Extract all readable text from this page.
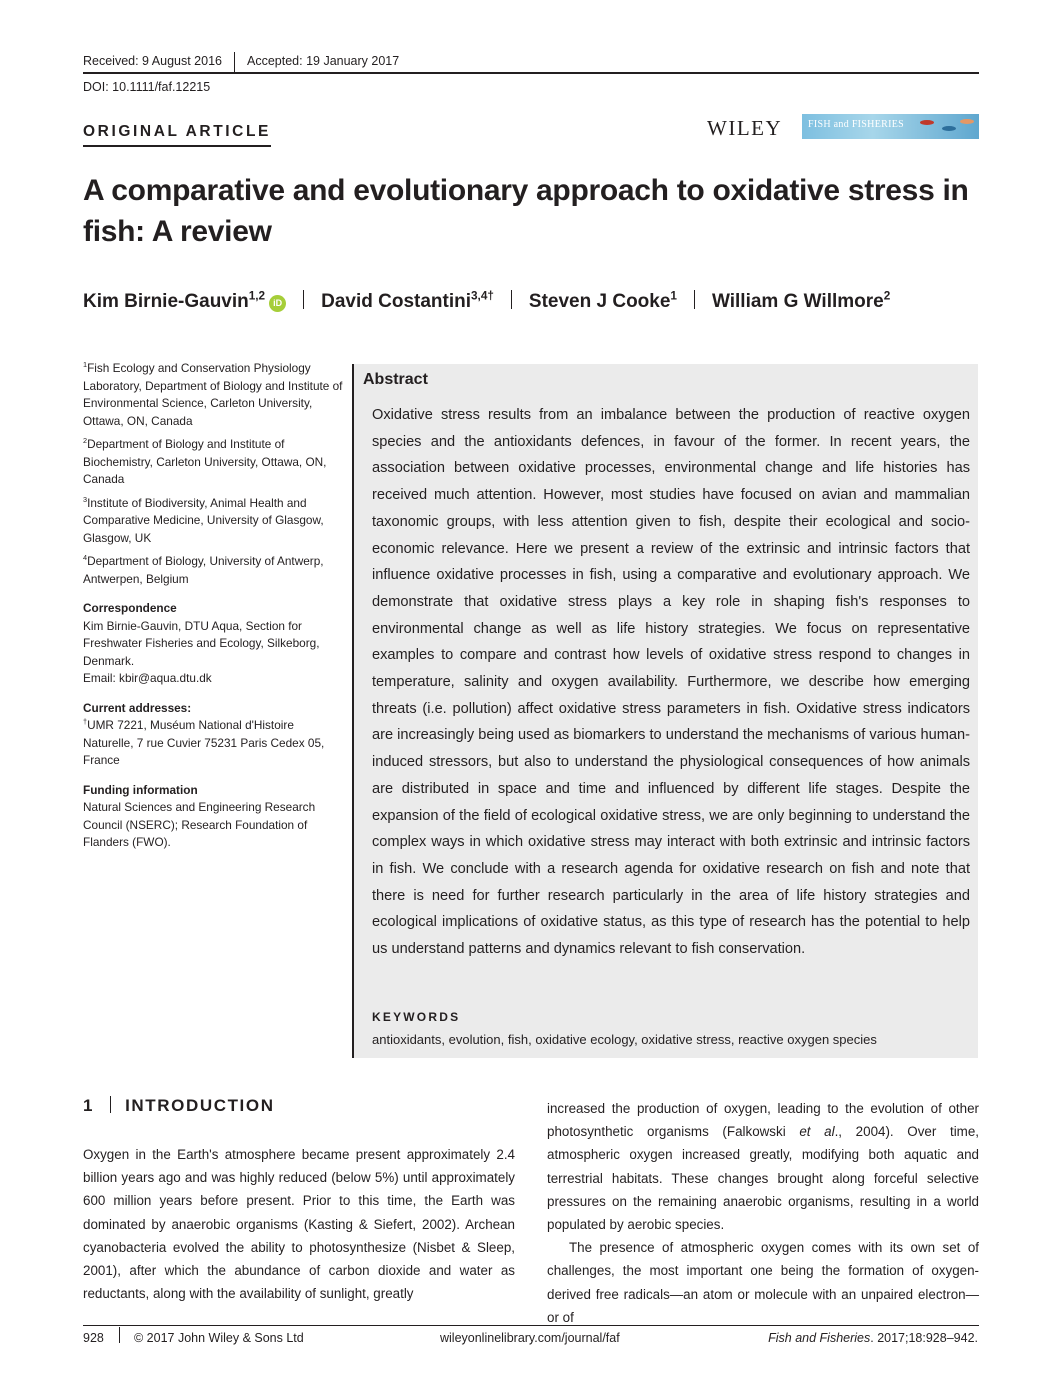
Received: 9 August 2016 Accepted: 19 January 2017
DOI: 10.1111/faf.12215
ORIGINAL ARTICLE	WILEY	FISH and FISHERIES
A comparative and evolutionary approach to oxidative stress in fish: A review
Kim Birnie-Gauvin$^{1,2}$iD David Costantini$^{3,4\dagger}$ Steven J Cooke$^1$ William G Willmore$^2$

$^1$Fish Ecology and Conservation Physiology Laboratory, Department of Biology and Institute of Environmental Science, Carleton University, Ottawa, ON, Canada

$^2$Department of Biology and Institute of Biochemistry, Carleton University, Ottawa, ON, Canada

$^3$Institute of Biodiversity, Animal Health and Comparative Medicine, University of Glasgow, Glasgow, UK

$^4$Department of Biology, University of Antwerp, Antwerpen, Belgium

Correspondence

Kim Birnie-Gauvin, DTU Aqua, Section for Freshwater Fisheries and Ecology, Silkeborg, Denmark.

Email: kbir@aqua.dtu.dk

Current addresses:

†UMR 7221, Muséum National d'Histoire Naturelle, 7 rue Cuvier 75231 Paris Cedex 05, France

Funding information

Natural Sciences and Engineering Research Council (NSERC); Research Foundation of Flanders (FWO).

Abstract

Oxidative stress results from an imbalance between the production of reactive oxygen species and the antioxidants defences, in favour of the former. In recent years, the association between oxidative processes, environmental change and life histories has received much attention. However, most studies have focused on avian and mammalian taxonomic groups, with less attention given to fish, despite their ecological and socio-economic relevance. Here we present a review of the extrinsic and intrinsic factors that influence oxidative processes in fish, using a comparative and evolutionary approach. We demonstrate that oxidative stress plays a key role in shaping fish's responses to environmental change as well as life history strategies. We focus on representative examples to compare and contrast how levels of oxidative stress respond to changes in temperature, salinity and oxygen availability. Furthermore, we describe how emerging threats (i.e. pollution) affect oxidative stress parameters in fish. Oxidative stress indicators are increasingly being used as biomarkers to understand the mechanisms of various human-induced stressors, but also to understand the physiological consequences of how animals are distributed in space and time and influenced by different life stages. Despite the expansion of the field of ecological oxidative stress, we are only beginning to understand the complex ways in which oxidative stress may interact with both extrinsic and intrinsic factors in fish. We conclude with a research agenda for oxidative research on fish and note that there is need for further research particularly in the area of life history strategies and ecological implications of oxidative status, as this type of research has the potential to help us understand patterns and dynamics relevant to fish conservation.

KEYWORDS
antioxidants, evolution, fish, oxidative ecology, oxidative stress, reactive oxygen species
1 INTRODUCTION

Oxygen in the Earth's atmosphere became present approximately 2.4 billion years ago and was highly reduced (below 5%) until approximately 600 million years before present. Prior to this time, the Earth was dominated by anaerobic organisms (Kasting & Siefert, 2002). Archean cyanobacteria evolved the ability to photosynthesize (Nisbet & Sleep, 2001), after which the abundance of carbon dioxide and water as reductants, along with the availability of sunlight, greatly

increased the production of oxygen, leading to the evolution of other photosynthetic organisms (Falkowski et al., 2004). Over time, atmospheric oxygen increased greatly, modifying both aquatic and terrestrial habitats. These changes brought along forceful selective pressures on the remaining anaerobic organisms, resulting in a world populated by aerobic species.

The presence of atmospheric oxygen comes with its own set of challenges, the most important one being the formation of oxygen-derived free radicals—an atom or molecule with an unpaired electron—or of

928 © 2017 John Wiley & Sons Ltd	wileyonlinelibrary.com/journal/faf	Fish and Fisheries. 2017;18:928–942.
